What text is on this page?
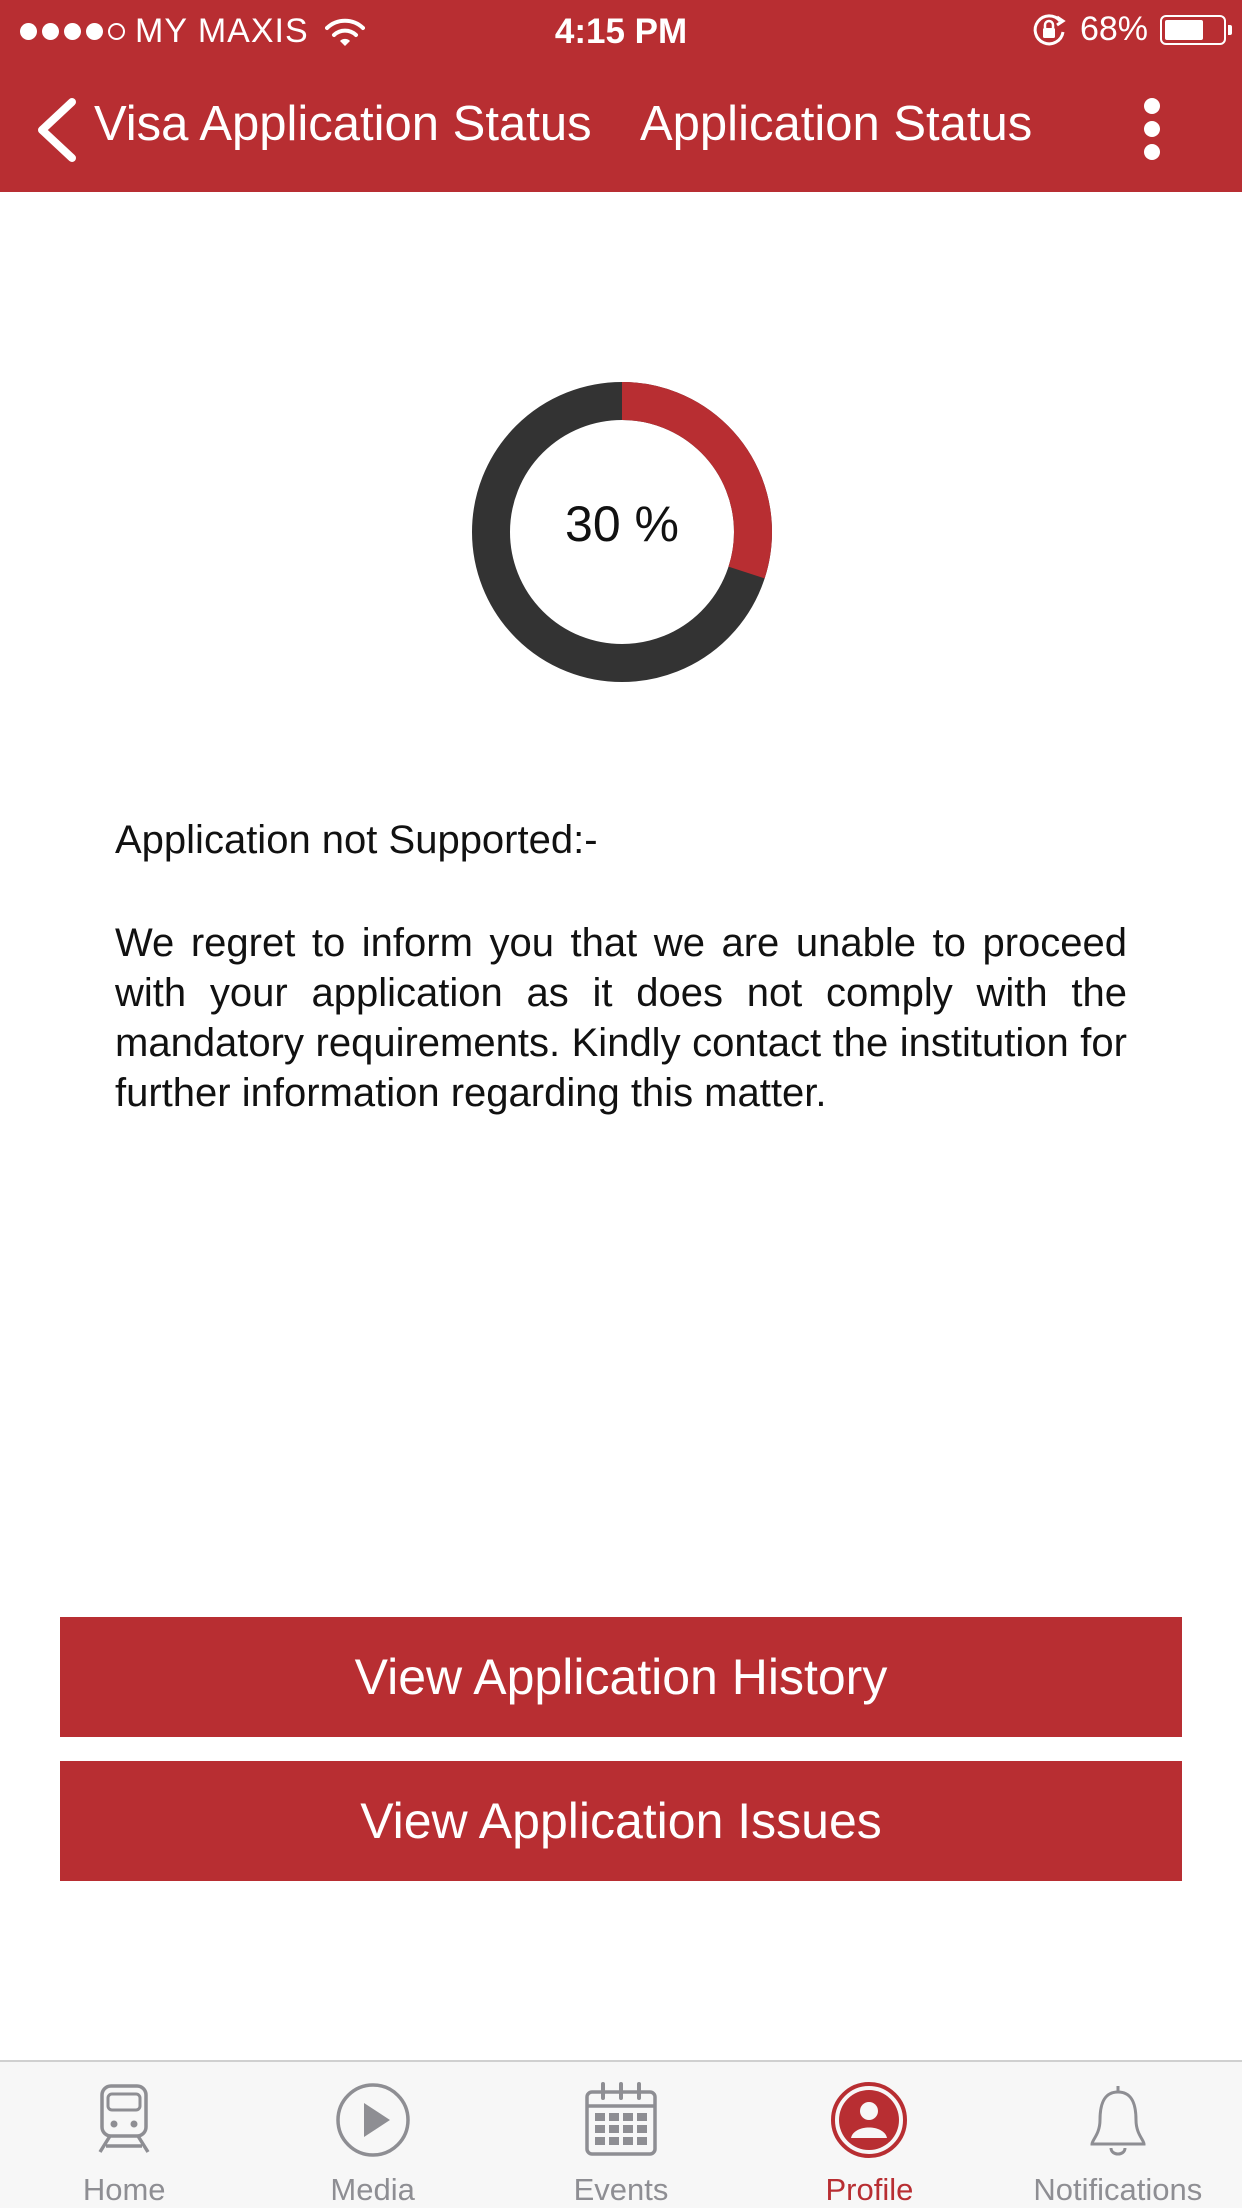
MY MAXIS	4:15 PM	68%
Visa Application Status Application Status
30 %
Application not Supported:-

We regret to inform you that we are unable to proceed with your application as it does not comply with the mandatory requirements. Kindly contact the institution for further information regarding this matter.

View Application History
View Application Issues
Home	Media	Events	Profile	Notifications
